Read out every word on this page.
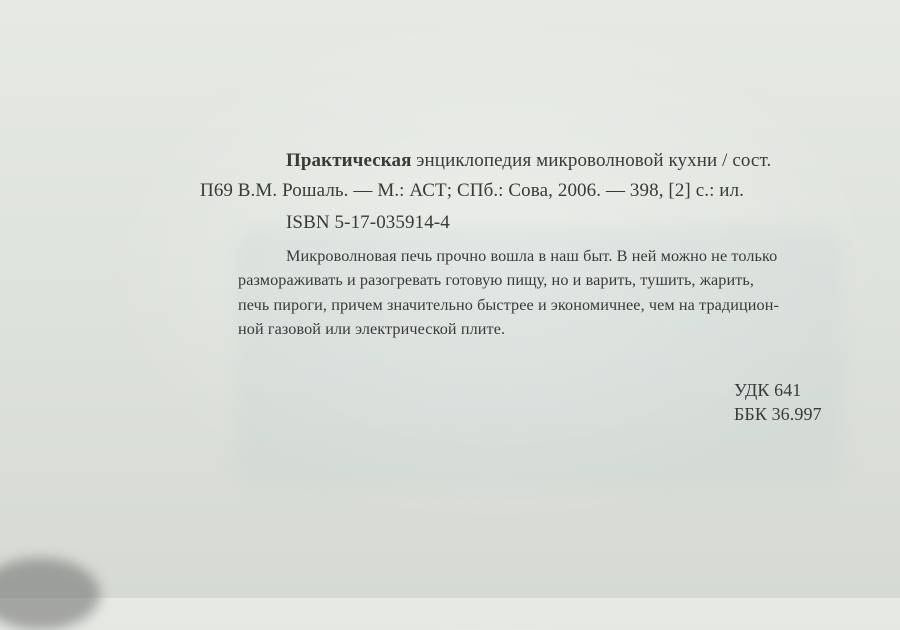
Практическая энциклопедия микроволновой кухни / сост.
П69 В.М. Рошаль. — М.: АСТ; СПб.: Сова, 2006. — 398, [2] с.: ил.
ISBN 5-17-035914-4
Микроволновая печь прочно вошла в наш быт. В ней можно не только
размораживать и разогревать готовую пищу, но и варить, тушить, жарить,
печь пироги, причем значительно быстрее и экономичнее, чем на традицион-
ной газовой или электрической плите.
УДК 641
ББК 36.997
